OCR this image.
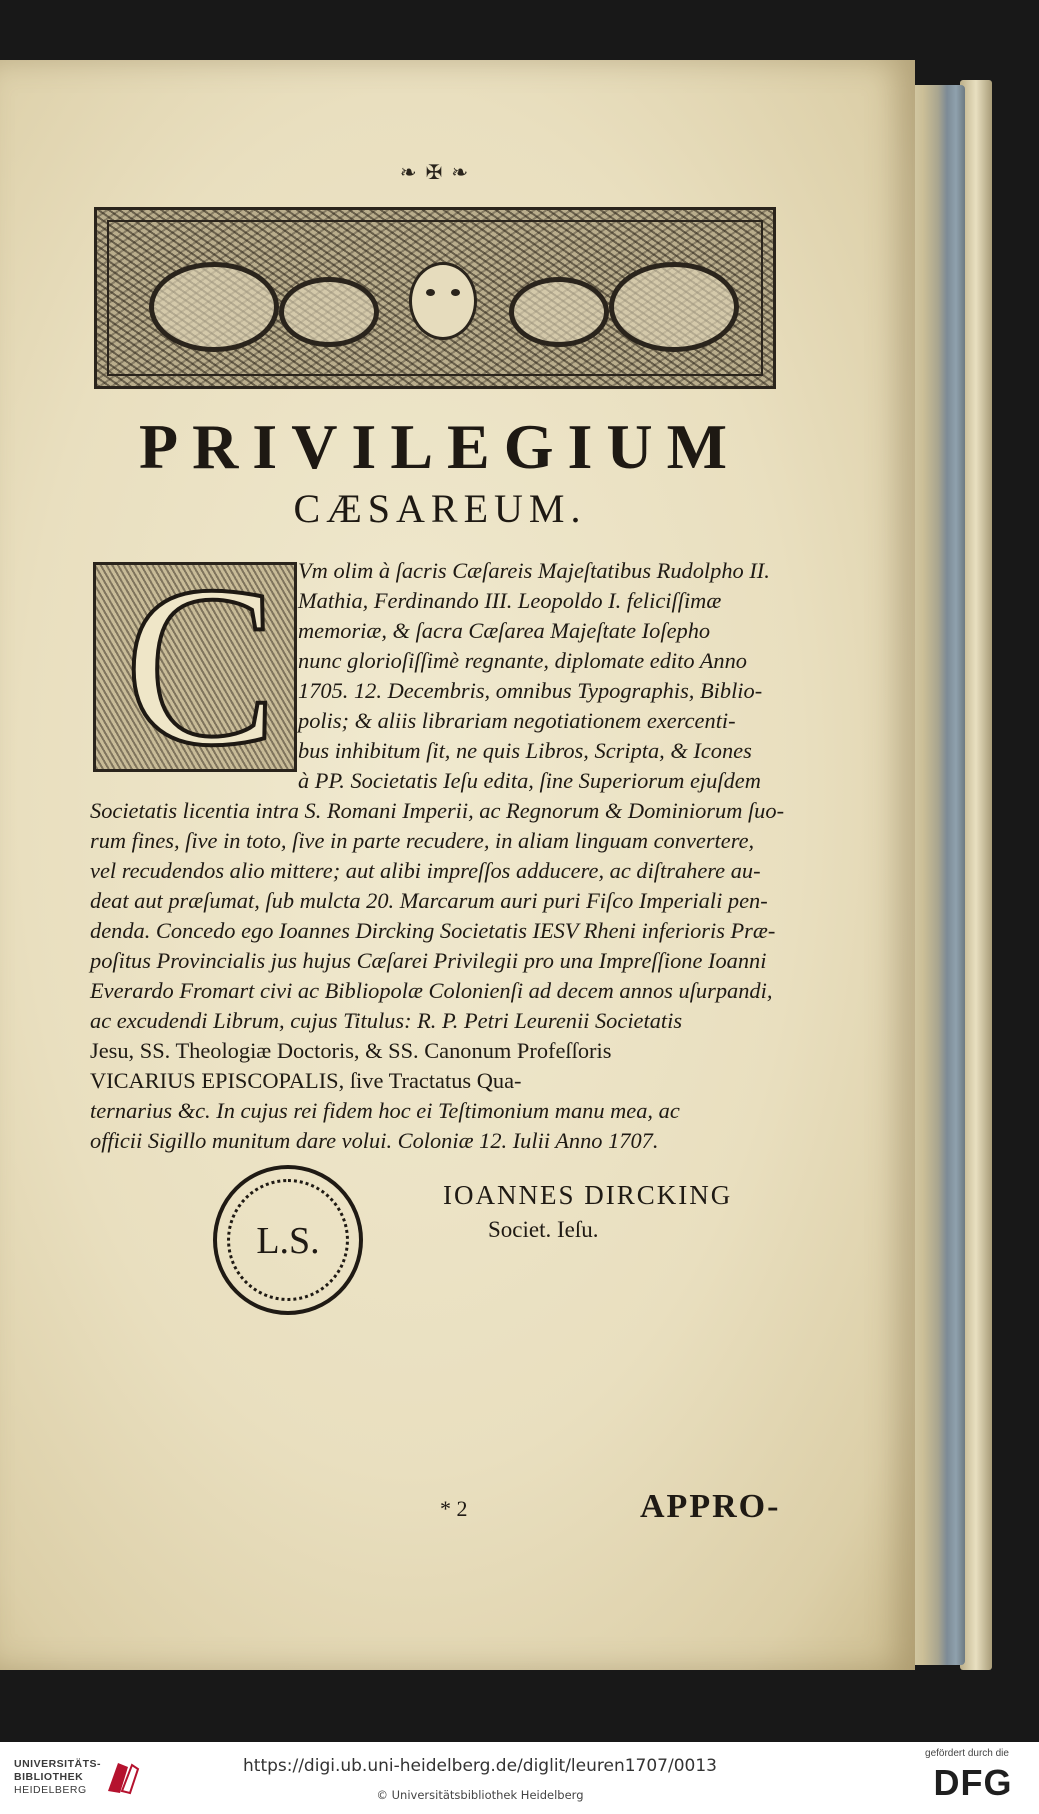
❧ ✠ ❧
PRIVILEGIUM
CÆSAREUM.
C Vm olim à ſacris Cæſareis Majeſtatibus Rudolpho II.
Mathia, Ferdinando III. Leopoldo I. feliciſſimæ
memoriæ, & ſacra Cæſarea Majeſtate Ioſepho
nunc glorioſiſſimè regnante, diplomate edito Anno
1705. 12. Decembris, omnibus Typographis, Biblio-
polis; & aliis librariam negotiationem exercenti-
bus inhibitum ſit, ne quis Libros, Scripta, & Icones
à PP. Societatis Ieſu edita, ſine Superiorum ejuſdem
Societatis licentia intra S. Romani Imperii, ac Regnorum & Dominiorum ſuo-
rum fines, ſive in toto, ſive in parte recudere, in aliam linguam convertere,
vel recudendos alio mittere; aut alibi impreſſos adducere, ac diſtrahere au-
deat aut præſumat, ſub mulcta 20. Marcarum auri puri Fiſco Imperiali pen-
denda. Concedo ego Ioannes Dircking Societatis IESV Rheni inferioris Præ-
poſitus Provincialis jus hujus Cæſarei Privilegii pro una Impreſſione Ioanni
Everardo Fromart civi ac Bibliopolæ Colonienſi ad decem annos uſurpandi,
ac excudendi Librum, cujus Titulus: R. P. Petri Leurenii Societatis
Jesu, SS. Theologiæ Doctoris, & SS. Canonum Profeſſoris
VICARIUS EPISCOPALIS, ſive Tractatus Qua-
ternarius &c. In cujus rei fidem hoc ei Teſtimonium manu mea, ac
officii Sigillo munitum dare volui. Coloniæ 12. Iulii Anno 1707.
L.S.
IOANNES DIRCKING
Societ. Ieſu.
* 2	APPRO-
UNIVERSITÄTS-
BIBLIOTHEK
HEIDELBERG
https://digi.ub.uni-heidelberg.de/diglit/leuren1707/0013
© Universitätsbibliothek Heidelberg
gefördert durch die
DFG
